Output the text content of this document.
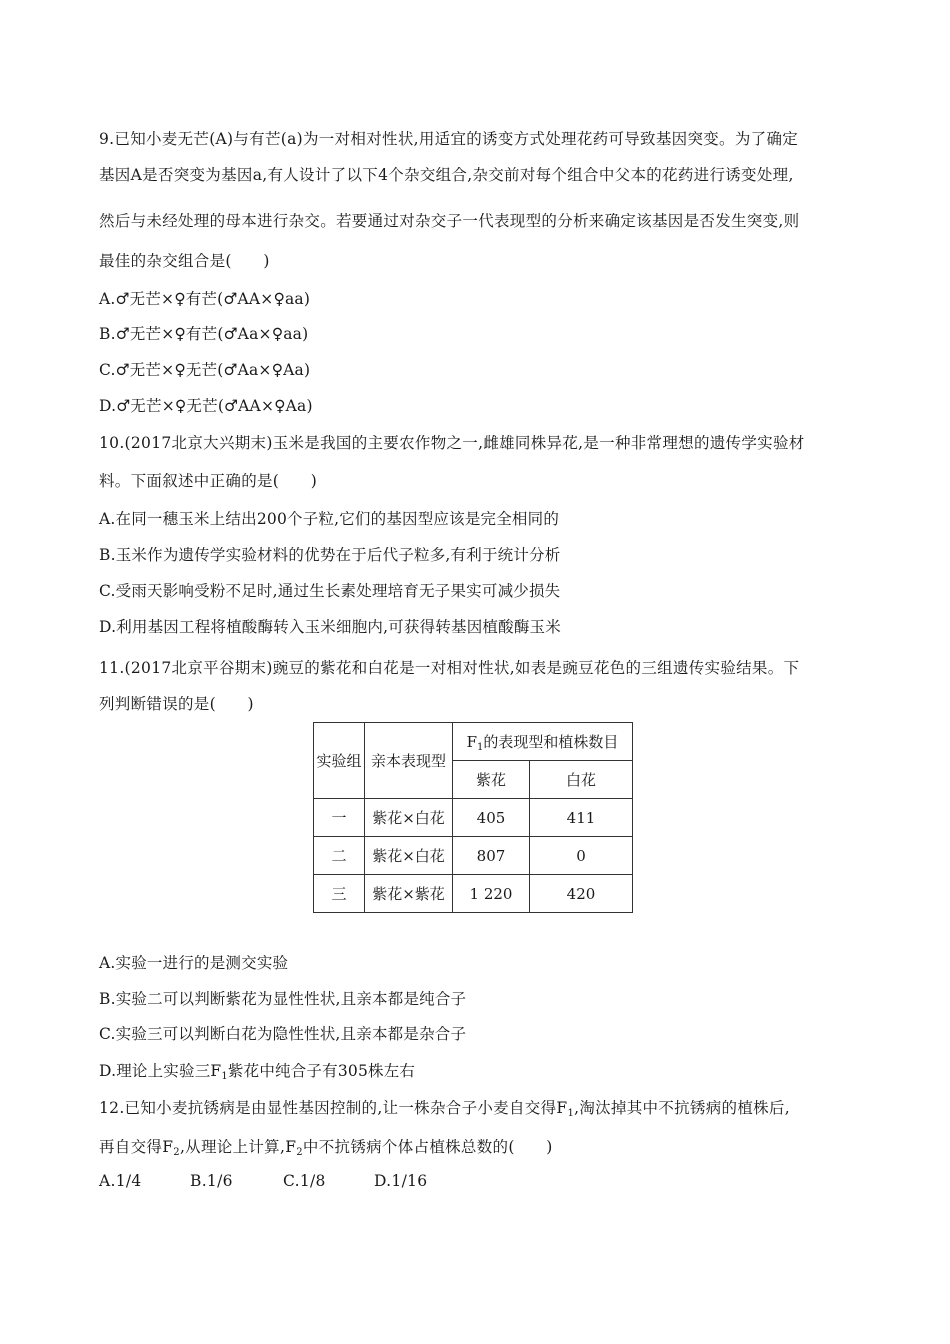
9.已知小麦无芒(A)与有芒(a)为一对相对性状,用适宜的诱变方式处理花药可导致基因突变。为了确定
基因A是否突变为基因a,有人设计了以下4个杂交组合,杂交前对每个组合中父本的花药进行诱变处理,
然后与未经处理的母本进行杂交。若要通过对杂交子一代表现型的分析来确定该基因是否发生突变,则
最佳的杂交组合是(　　)
A.♂无芒×♀有芒(♂AA×♀aa)
B.♂无芒×♀有芒(♂Aa×♀aa)
C.♂无芒×♀无芒(♂Aa×♀Aa)
D.♂无芒×♀无芒(♂AA×♀Aa)
10.(2017北京大兴期末)玉米是我国的主要农作物之一,雌雄同株异花,是一种非常理想的遗传学实验材
料。下面叙述中正确的是(　　)
A.在同一穗玉米上结出200个子粒,它们的基因型应该是完全相同的
B.玉米作为遗传学实验材料的优势在于后代子粒多,有利于统计分析
C.受雨天影响受粉不足时,通过生长素处理培育无子果实可减少损失
D.利用基因工程将植酸酶转入玉米细胞内,可获得转基因植酸酶玉米
11.(2017北京平谷期末)豌豆的紫花和白花是一对相对性状,如表是豌豆花色的三组遗传实验结果。下
列判断错误的是(　　)
实验组	亲本表现型	$F_1$的表现型和植株数目	
		紫花	白花
一	紫花×白花	405	411
二	紫花×白花	807	0
三	紫花×紫花	1 220	420
A.实验一进行的是测交实验
B.实验二可以判断紫花为显性性状,且亲本都是纯合子
C.实验三可以判断白花为隐性性状,且亲本都是杂合子
D.理论上实验三$F_1$紫花中纯合子有305株左右
12.已知小麦抗锈病是由显性基因控制的,让一株杂合子小麦自交得$F_1$,淘汰掉其中不抗锈病的植株后,
再自交得$F_2$,从理论上计算$,F_2$中不抗锈病个体占植株总数的(　　)
A.1/4	B.1/6	C.1/8	D.1/16
